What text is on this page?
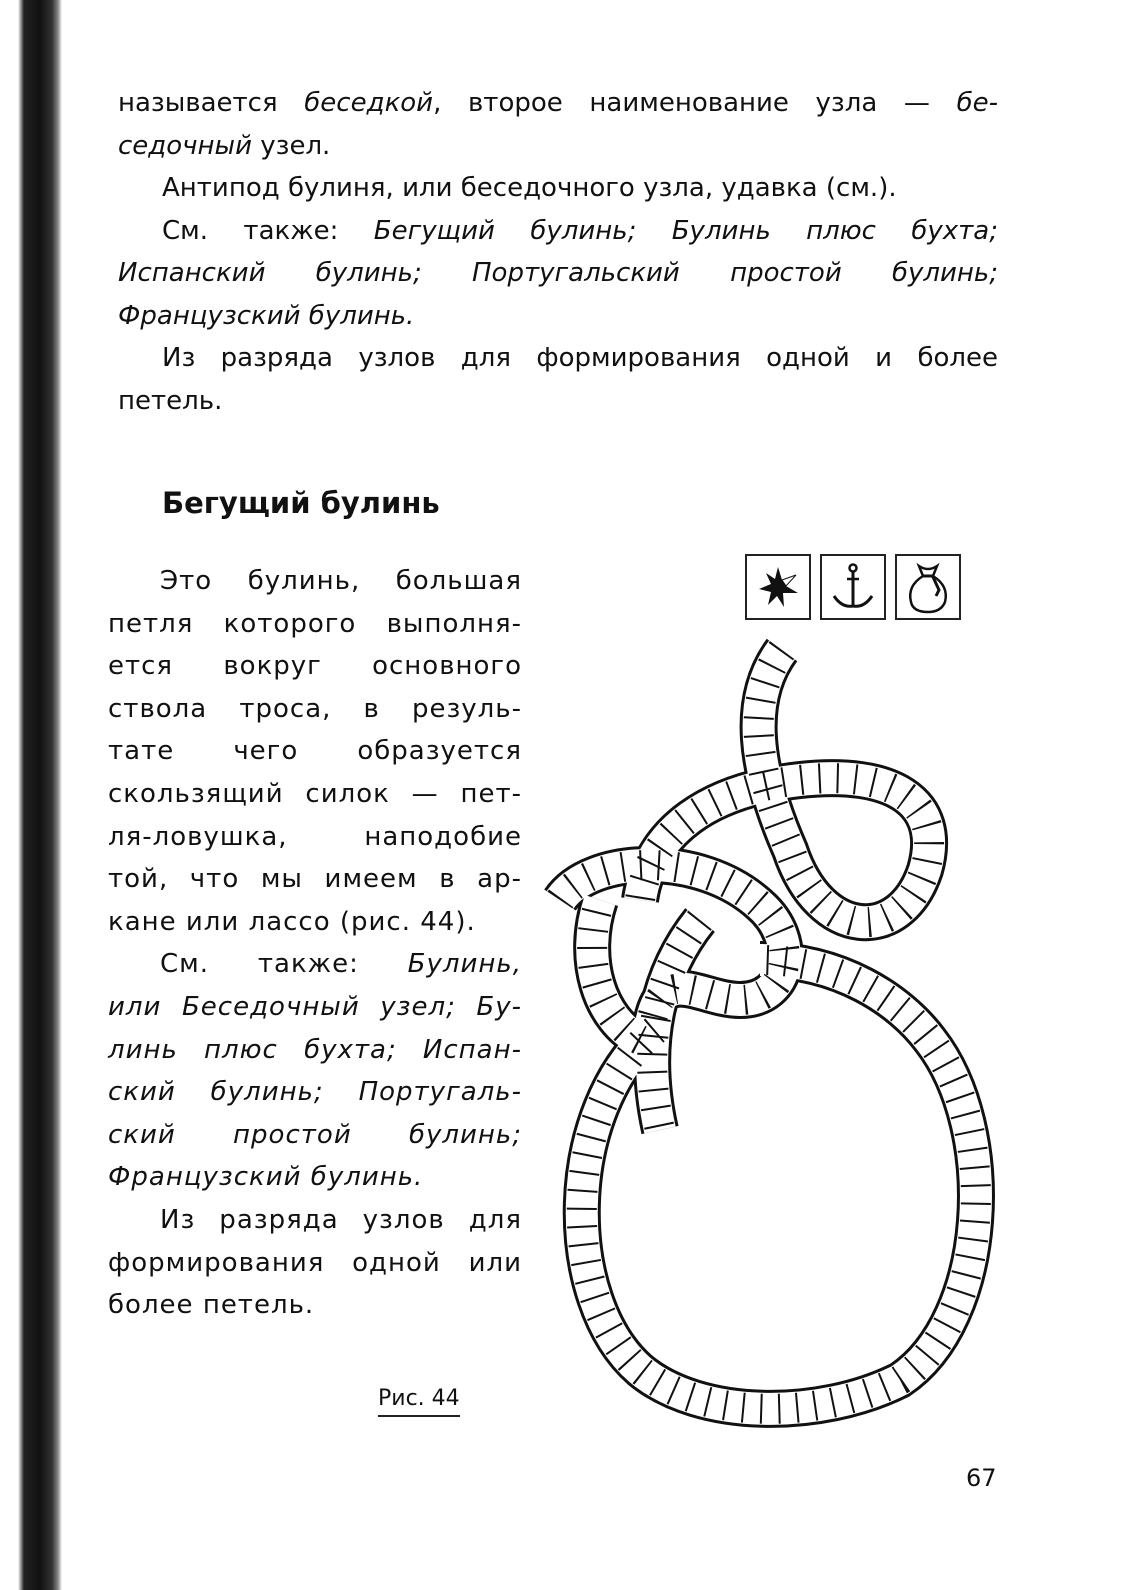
называется беседкой, второе наименование узла — бе-
седочный узел.
Антипод булиня, или беседочного узла, удавка (см.).
См. также: Бегущий булинь; Булинь плюс бухта;
Испанский булинь; Португальский простой булинь;
Французский булинь.
Из разряда узлов для формирования одной и более
петель.
Бегущий булинь
Это булинь, большая
петля которого выполня-
ется вокруг основного
ствола троса, в резуль-
тате чего образуется
скользящий силок — пет-
ля-ловушка, наподобие
той, что мы имеем в ар-
кане или лассо (рис. 44).
См. также: Булинь,
или Беседочный узел; Бу-
линь плюс бухта; Испан-
ский булинь; Португаль-
ский простой булинь;
Французский булинь.
Из разряда узлов для
формирования одной или
более петель.
Рис. 44
67
